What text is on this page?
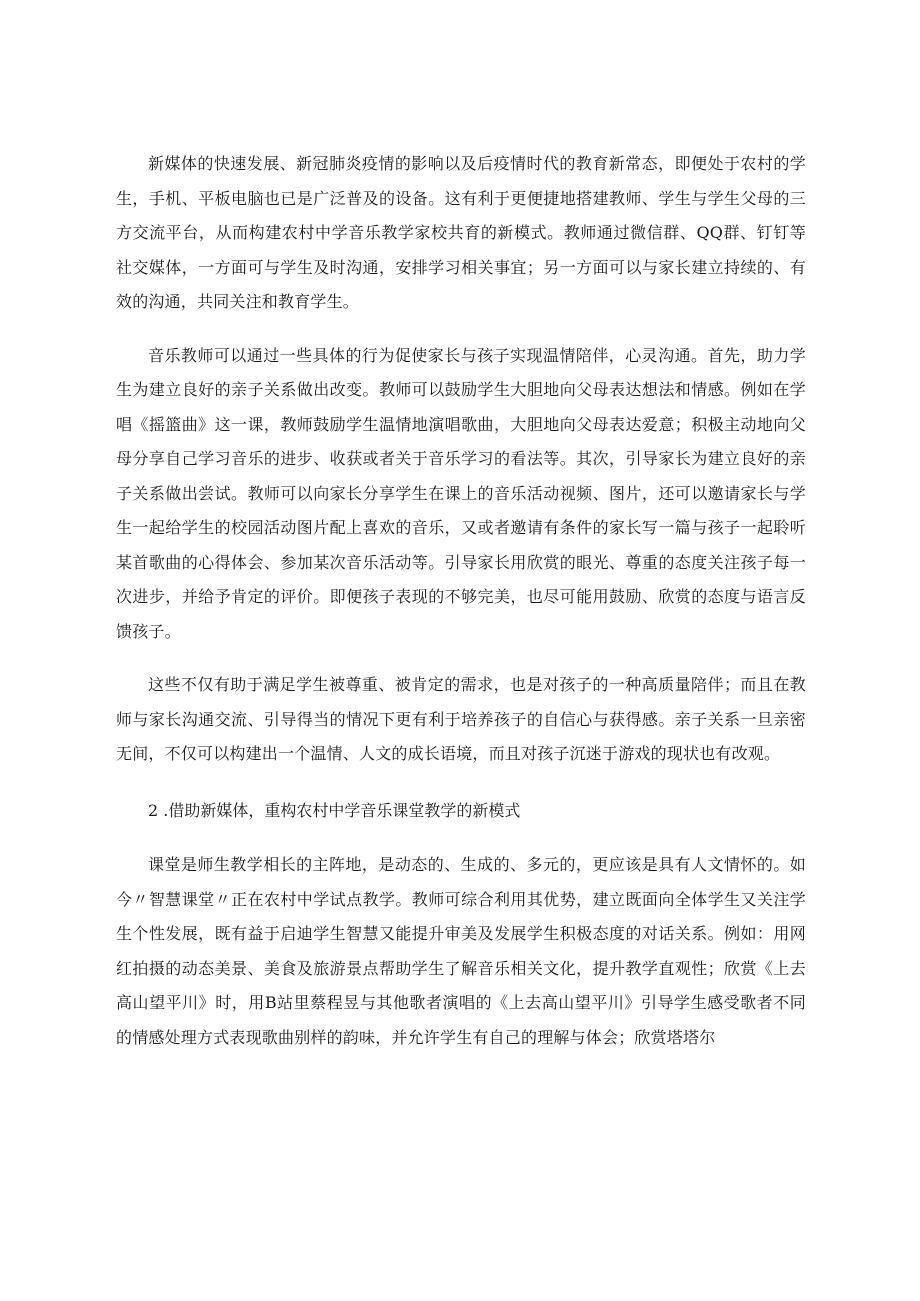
新媒体的快速发展、新冠肺炎疫情的影响以及后疫情时代的教育新常态，即便处于农村的学生，手机、平板电脑也已是广泛普及的设备。这有利于更便捷地搭建教师、学生与学生父母的三方交流平台，从而构建农村中学音乐教学家校共育的新模式。教师通过微信群、QQ群、钉钉等社交媒体，一方面可与学生及时沟通，安排学习相关事宜；另一方面可以与家长建立持续的、有效的沟通，共同关注和教育学生。

音乐教师可以通过一些具体的行为促使家长与孩子实现温情陪伴，心灵沟通。首先，助力学生为建立良好的亲子关系做出改变。教师可以鼓励学生大胆地向父母表达想法和情感。例如在学唱《摇篮曲》这一课，教师鼓励学生温情地演唱歌曲，大胆地向父母表达爱意；积极主动地向父母分享自己学习音乐的进步、收获或者关于音乐学习的看法等。其次，引导家长为建立良好的亲子关系做出尝试。教师可以向家长分享学生在课上的音乐活动视频、图片，还可以邀请家长与学生一起给学生的校园活动图片配上喜欢的音乐，又或者邀请有条件的家长写一篇与孩子一起聆听某首歌曲的心得体会、参加某次音乐活动等。引导家长用欣赏的眼光、尊重的态度关注孩子每一次进步，并给予肯定的评价。即便孩子表现的不够完美，也尽可能用鼓励、欣赏的态度与语言反馈孩子。

这些不仅有助于满足学生被尊重、被肯定的需求，也是对孩子的一种高质量陪伴；而且在教师与家长沟通交流、引导得当的情况下更有利于培养孩子的自信心与获得感。亲子关系一旦亲密无间，不仅可以构建出一个温情、人文的成长语境，而且对孩子沉迷于游戏的现状也有改观。

2 .借助新媒体，重构农村中学音乐课堂教学的新模式

课堂是师生教学相长的主阵地，是动态的、生成的、多元的，更应该是具有人文情怀的。如今〃智慧课堂〃正在农村中学试点教学。教师可综合利用其优势，建立既面向全体学生又关注学生个性发展，既有益于启迪学生智慧又能提升审美及发展学生积极态度的对话关系。例如：用网红拍摄的动态美景、美食及旅游景点帮助学生了解音乐相关文化，提升教学直观性；欣赏《上去高山望平川》时，用B站里蔡程昱与其他歌者演唱的《上去高山望平川》引导学生感受歌者不同的情感处理方式表现歌曲别样的韵味，并允许学生有自己的理解与体会；欣赏塔塔尔
